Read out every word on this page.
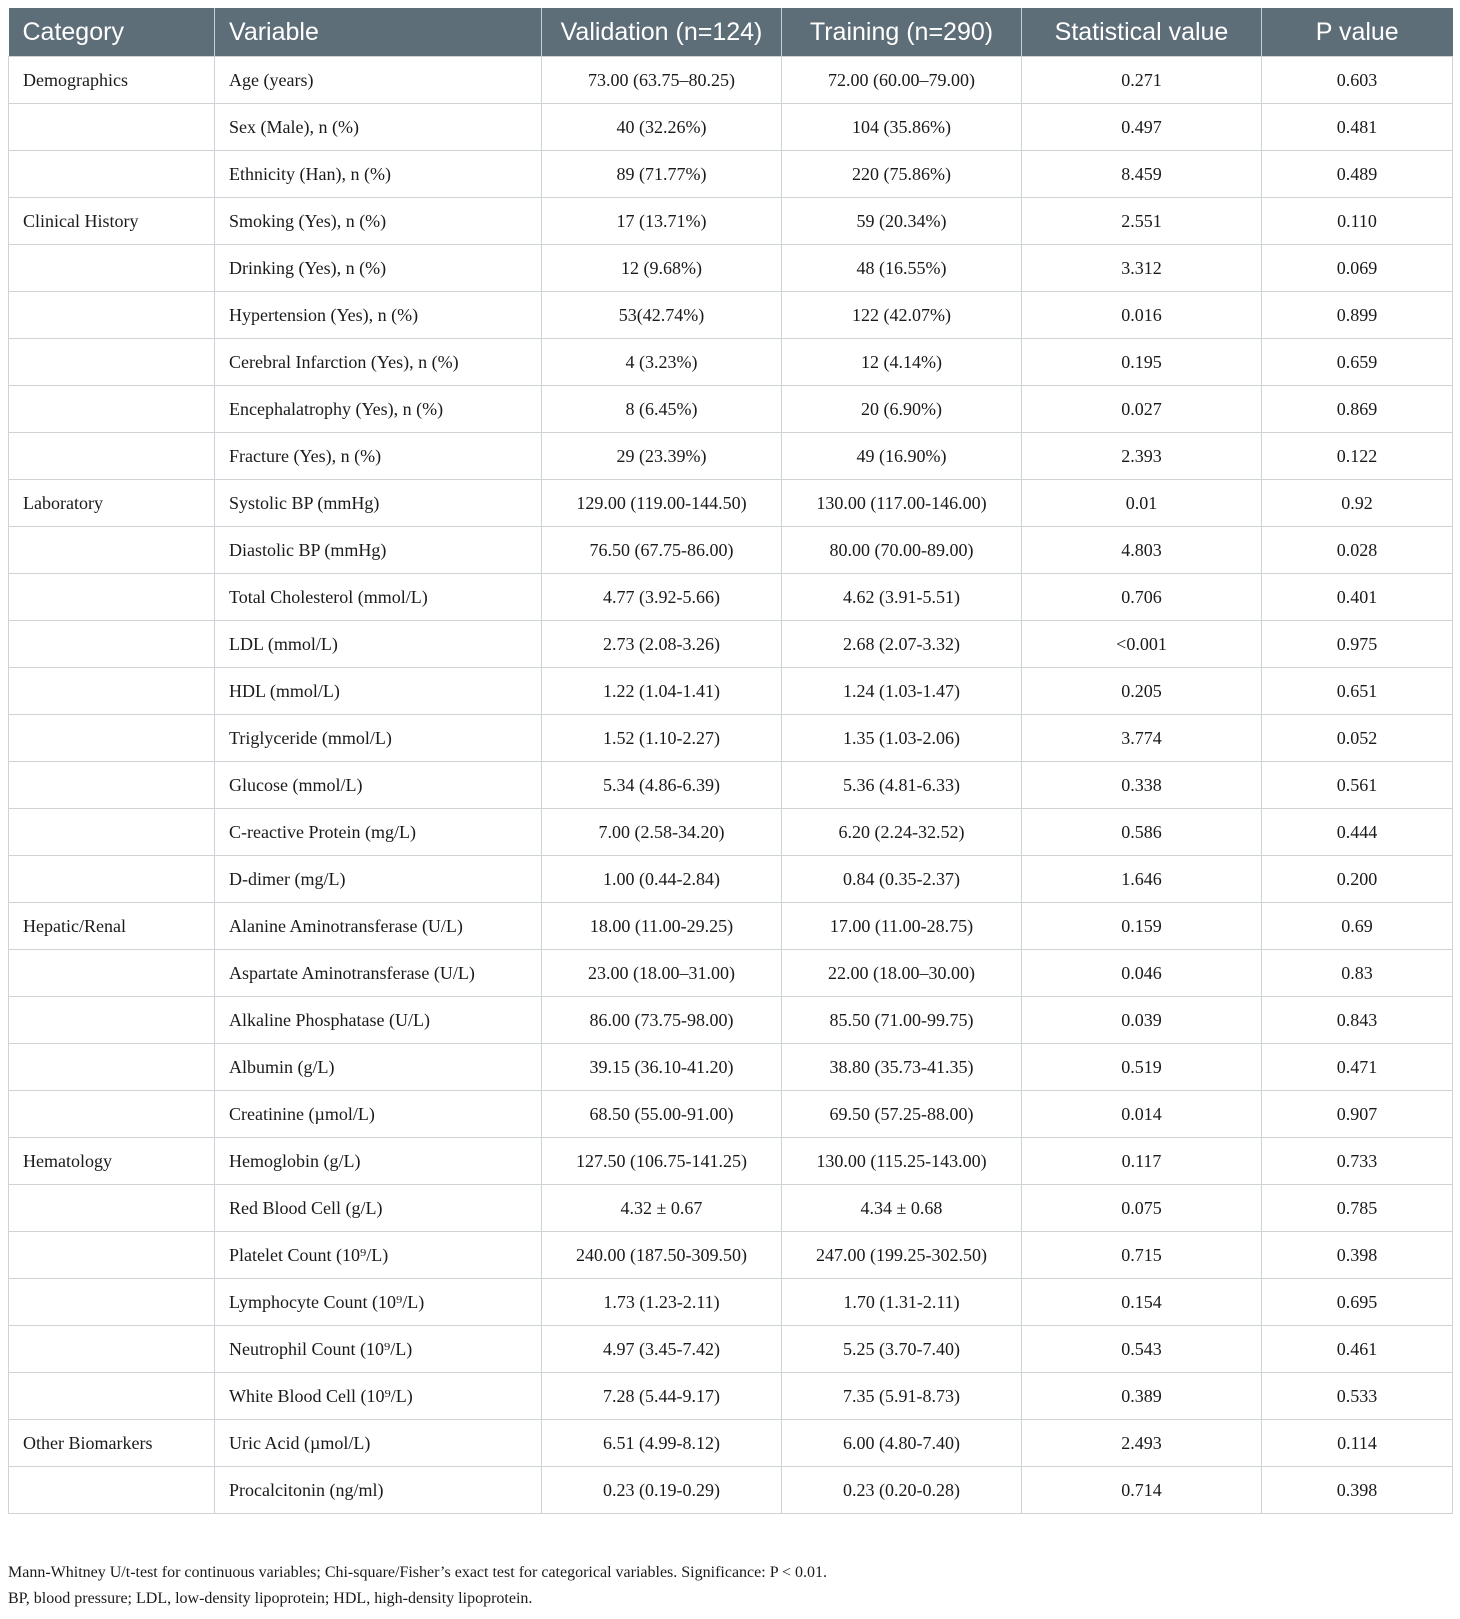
Category	Variable	Validation (n=124)	Training (n=290)	Statistical value	P value
Demographics	Age (years)	73.00 (63.75–80.25)	72.00 (60.00–79.00)	0.271	0.603
	Sex (Male), n (%)	40 (32.26%)	104 (35.86%)	0.497	0.481
	Ethnicity (Han), n (%)	89 (71.77%)	220 (75.86%)	8.459	0.489
Clinical History	Smoking (Yes), n (%)	17 (13.71%)	59 (20.34%)	2.551	0.110
	Drinking (Yes), n (%)	12 (9.68%)	48 (16.55%)	3.312	0.069
	Hypertension (Yes), n (%)	53(42.74%)	122 (42.07%)	0.016	0.899
	Cerebral Infarction (Yes), n (%)	4 (3.23%)	12 (4.14%)	0.195	0.659
	Encephalatrophy (Yes), n (%)	8 (6.45%)	20 (6.90%)	0.027	0.869
	Fracture (Yes), n (%)	29 (23.39%)	49 (16.90%)	2.393	0.122
Laboratory	Systolic BP (mmHg)	129.00 (119.00-144.50)	130.00 (117.00-146.00)	0.01	0.92
	Diastolic BP (mmHg)	76.50 (67.75-86.00)	80.00 (70.00-89.00)	4.803	0.028
	Total Cholesterol (mmol/L)	4.77 (3.92-5.66)	4.62 (3.91-5.51)	0.706	0.401
	LDL (mmol/L)	2.73 (2.08-3.26)	2.68 (2.07-3.32)	<0.001	0.975
	HDL (mmol/L)	1.22 (1.04-1.41)	1.24 (1.03-1.47)	0.205	0.651
	Triglyceride (mmol/L)	1.52 (1.10-2.27)	1.35 (1.03-2.06)	3.774	0.052
	Glucose (mmol/L)	5.34 (4.86-6.39)	5.36 (4.81-6.33)	0.338	0.561
	C-reactive Protein (mg/L)	7.00 (2.58-34.20)	6.20 (2.24-32.52)	0.586	0.444
	D-dimer (mg/L)	1.00 (0.44-2.84)	0.84 (0.35-2.37)	1.646	0.200
Hepatic/Renal	Alanine Aminotransferase (U/L)	18.00 (11.00-29.25)	17.00 (11.00-28.75)	0.159	0.69
	Aspartate Aminotransferase (U/L)	23.00 (18.00–31.00)	22.00 (18.00–30.00)	0.046	0.83
	Alkaline Phosphatase (U/L)	86.00 (73.75-98.00)	85.50 (71.00-99.75)	0.039	0.843
	Albumin (g/L)	39.15 (36.10-41.20)	38.80 (35.73-41.35)	0.519	0.471
	Creatinine (µmol/L)	68.50 (55.00-91.00)	69.50 (57.25-88.00)	0.014	0.907
Hematology	Hemoglobin (g/L)	127.50 (106.75-141.25)	130.00 (115.25-143.00)	0.117	0.733
	Red Blood Cell (g/L)	4.32 ± 0.67	4.34 ± 0.68	0.075	0.785
	Platelet Count (10⁹/L)	240.00 (187.50-309.50)	247.00 (199.25-302.50)	0.715	0.398
	Lymphocyte Count (10⁹/L)	1.73 (1.23-2.11)	1.70 (1.31-2.11)	0.154	0.695
	Neutrophil Count (10⁹/L)	4.97 (3.45-7.42)	5.25 (3.70-7.40)	0.543	0.461
	White Blood Cell (10⁹/L)	7.28 (5.44-9.17)	7.35 (5.91-8.73)	0.389	0.533
Other Biomarkers	Uric Acid (µmol/L)	6.51 (4.99-8.12)	6.00 (4.80-7.40)	2.493	0.114
	Procalcitonin (ng/ml)	0.23 (0.19-0.29)	0.23 (0.20-0.28)	0.714	0.398

Mann-Whitney U/t-test for continuous variables; Chi-square/Fisher’s exact test for categorical variables. Significance: P < 0.01.

BP, blood pressure; LDL, low-density lipoprotein; HDL, high-density lipoprotein.
